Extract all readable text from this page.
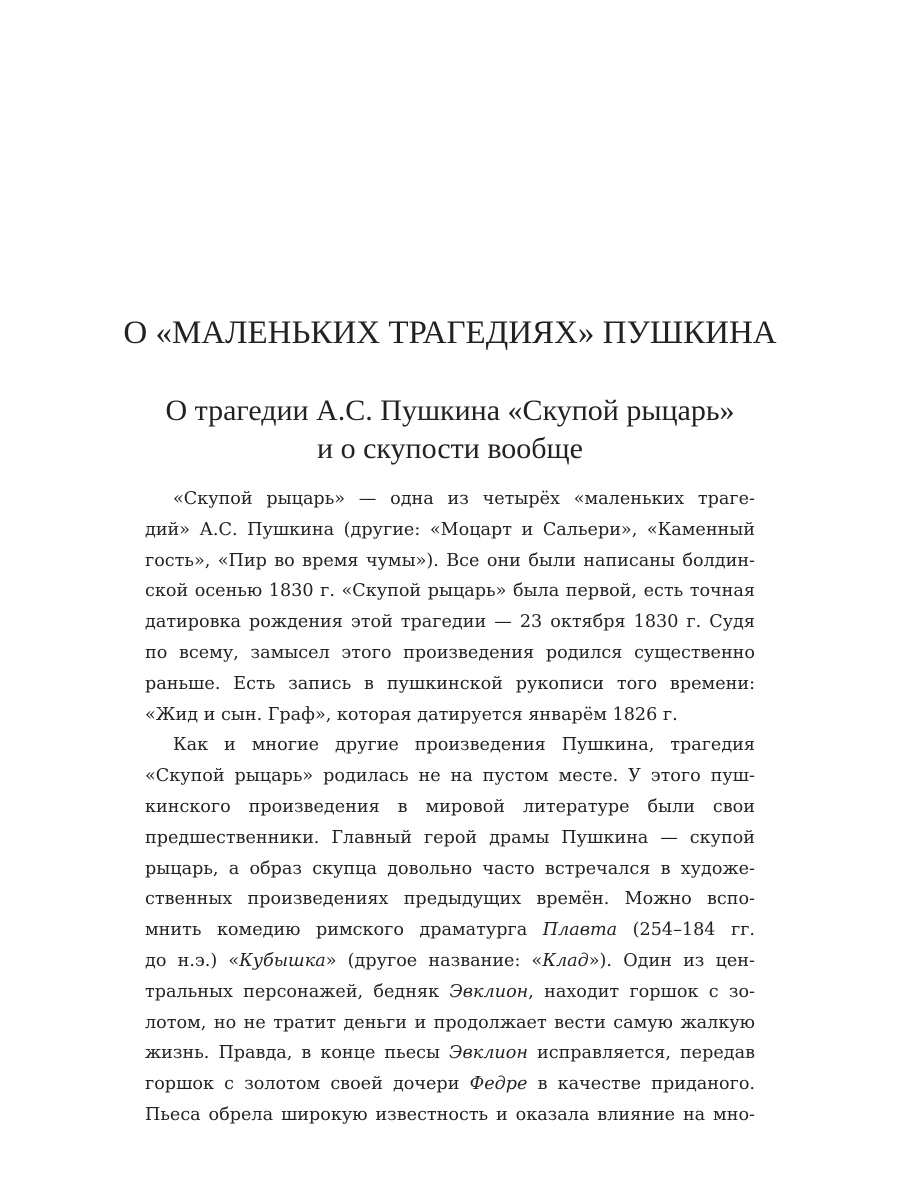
О «МАЛЕНЬКИХ ТРАГЕДИЯХ» ПУШКИНА
О трагедии А.С. Пушкина «Скупой рыцарь»
и о скупости вообще
«Скупой рыцарь» — одна из четырёх «маленьких траге-
дий» А.С. Пушкина (другие: «Моцарт и Сальери», «Каменный
гость», «Пир во время чумы»). Все они были написаны болдин-
ской осенью 1830 г. «Скупой рыцарь» была первой, есть точная
датировка рождения этой трагедии — 23 октября 1830 г. Судя
по всему, замысел этого произведения родился существенно
раньше. Есть запись в пушкинской рукописи того времени:
«Жид и сын. Граф», которая датируется январём 1826 г.
Как и многие другие произведения Пушкина, трагедия
«Скупой рыцарь» родилась не на пустом месте. У этого пуш-
кинского произведения в мировой литературе были свои
предшественники. Главный герой драмы Пушкина — скупой
рыцарь, а образ скупца довольно часто встречался в художе-
ственных произведениях предыдущих времён. Можно вспо-
мнить комедию римского драматурга Плавта (254–184 гг.
до н.э.) «Кубышка» (другое название: «Клад»). Один из цен-
тральных персонажей, бедняк Эвклион, находит горшок с зо-
лотом, но не тратит деньги и продолжает вести самую жалкую
жизнь. Правда, в конце пьесы Эвклион исправляется, передав
горшок с золотом своей дочери Федре в качестве приданого.
Пьеса обрела широкую известность и оказала влияние на мно-
